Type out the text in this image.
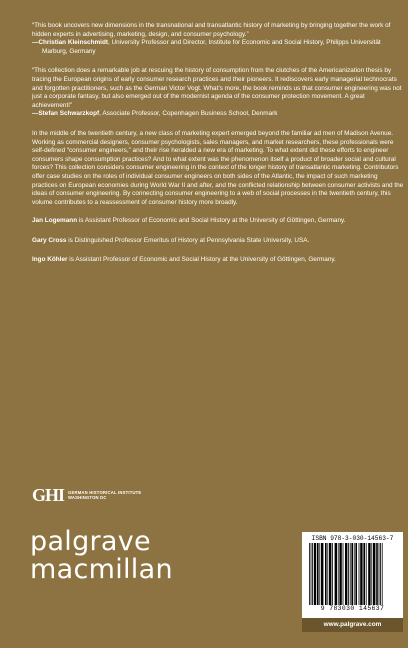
“This book uncovers new dimensions in the transnational and transatlantic history of marketing by bringing together the work of hidden experts in advertising, marketing, design, and consumer psychology.”

—Christian Kleinschmidt, University Professor and Director, Institute for Economic and Social History, Philipps Universität Marburg, Germany

“This collection does a remarkable job at rescuing the history of consumption from the clutches of the Americanization thesis by tracing the European origins of early consumer research practices and their pioneers. It rediscovers early managerial technocrats and forgotten practitioners, such as the German Victor Vogt. What’s more, the book reminds us that consumer engineering was not just a corporate fantasy, but also emerged out of the modernist agenda of the consumer protection movement. A great achievement!”

—Stefan Schwarzkopf, Associate Professor, Copenhagen Business School, Denmark

In the middle of the twentieth century, a new class of marketing expert emerged beyond the familiar ad men of Madison Avenue. Working as commercial designers, consumer psychologists, sales managers, and market researchers, these professionals were self-defined “consumer engineers,” and their rise heralded a new era of marketing. To what extent did these efforts to engineer consumers shape consumption practices? And to what extent was the phenomenon itself a product of broader social and cultural forces? This collection considers consumer engineering in the context of the longer history of transatlantic marketing. Contributors offer case studies on the roles of individual consumer engineers on both sides of the Atlantic, the impact of such marketing practices on European economies during World War II and after, and the conflicted relationship between consumer activists and the ideas of consumer engineering. By connecting consumer engineering to a web of social processes in the twentieth century, this volume contributes to a reassessment of consumer history more broadly.

Jan Logemann is Assistant Professor of Economic and Social History at the University of Göttingen, Germany.

Gary Cross is Distinguished Professor Emeritus of History at Pennsylvania State University, USA.

Ingo Köhler is Assistant Professor of Economic and Social History at the University of Göttingen, Germany.

GHI GERMAN HISTORICAL INSTITUTE
WASHINGTON DC
palgrave
macmillan
ISBN 978-3-030-14563-7
9 783030 145637
www.palgrave.com
